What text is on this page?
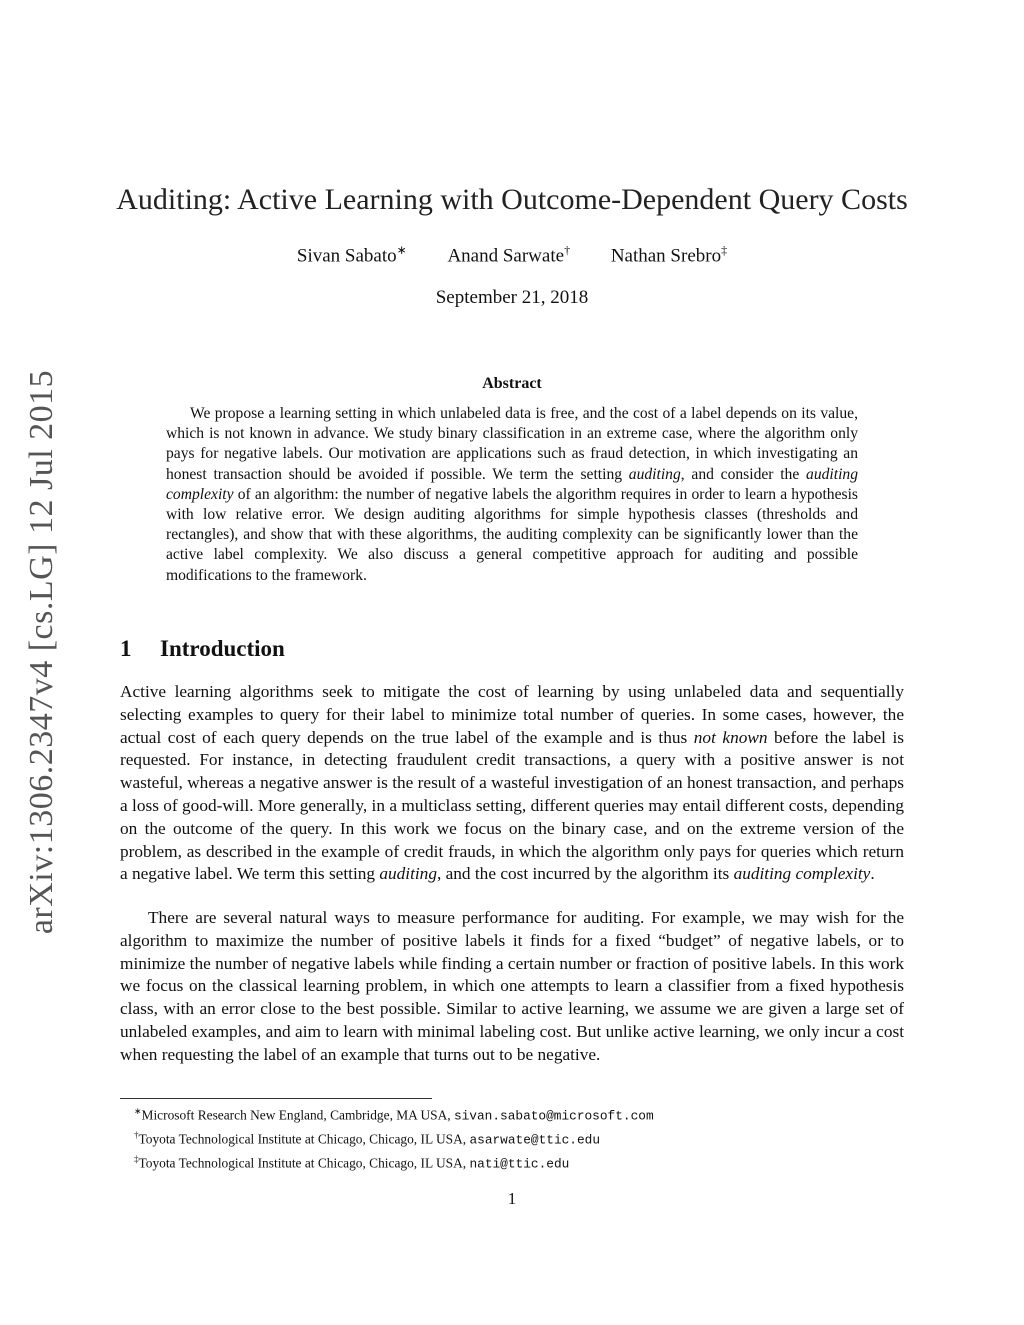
arXiv:1306.2347v4 [cs.LG] 12 Jul 2015
Auditing: Active Learning with Outcome-Dependent Query Costs
Sivan Sabato∗ Anand Sarwate† Nathan Srebro‡
September 21, 2018
Abstract
We propose a learning setting in which unlabeled data is free, and the cost of a label depends on its value, which is not known in advance. We study binary classification in an extreme case, where the algorithm only pays for negative labels. Our motivation are applications such as fraud detection, in which investigating an honest transaction should be avoided if possible. We term the setting auditing, and consider the auditing complexity of an algorithm: the number of negative labels the algorithm requires in order to learn a hypothesis with low relative error. We design auditing algorithms for simple hypothesis classes (thresholds and rectangles), and show that with these algorithms, the auditing complexity can be significantly lower than the active label complexity. We also discuss a general competitive approach for auditing and possible modifications to the framework.
1 Introduction
Active learning algorithms seek to mitigate the cost of learning by using unlabeled data and sequentially selecting examples to query for their label to minimize total number of queries. In some cases, however, the actual cost of each query depends on the true label of the example and is thus not known before the label is requested. For instance, in detecting fraudulent credit transactions, a query with a positive answer is not wasteful, whereas a negative answer is the result of a wasteful investigation of an honest transaction, and perhaps a loss of good-will. More generally, in a multiclass setting, different queries may entail different costs, depending on the outcome of the query. In this work we focus on the binary case, and on the extreme version of the problem, as described in the example of credit frauds, in which the algorithm only pays for queries which return a negative label. We term this setting auditing, and the cost incurred by the algorithm its auditing complexity.
There are several natural ways to measure performance for auditing. For example, we may wish for the algorithm to maximize the number of positive labels it finds for a fixed “budget” of negative labels, or to minimize the number of negative labels while finding a certain number or fraction of positive labels. In this work we focus on the classical learning problem, in which one attempts to learn a classifier from a fixed hypothesis class, with an error close to the best possible. Similar to active learning, we assume we are given a large set of unlabeled examples, and aim to learn with minimal labeling cost. But unlike active learning, we only incur a cost when requesting the label of an example that turns out to be negative.
∗Microsoft Research New England, Cambridge, MA USA, sivan.sabato@microsoft.com
†Toyota Technological Institute at Chicago, Chicago, IL USA, asarwate@ttic.edu
‡Toyota Technological Institute at Chicago, Chicago, IL USA, nati@ttic.edu
1
